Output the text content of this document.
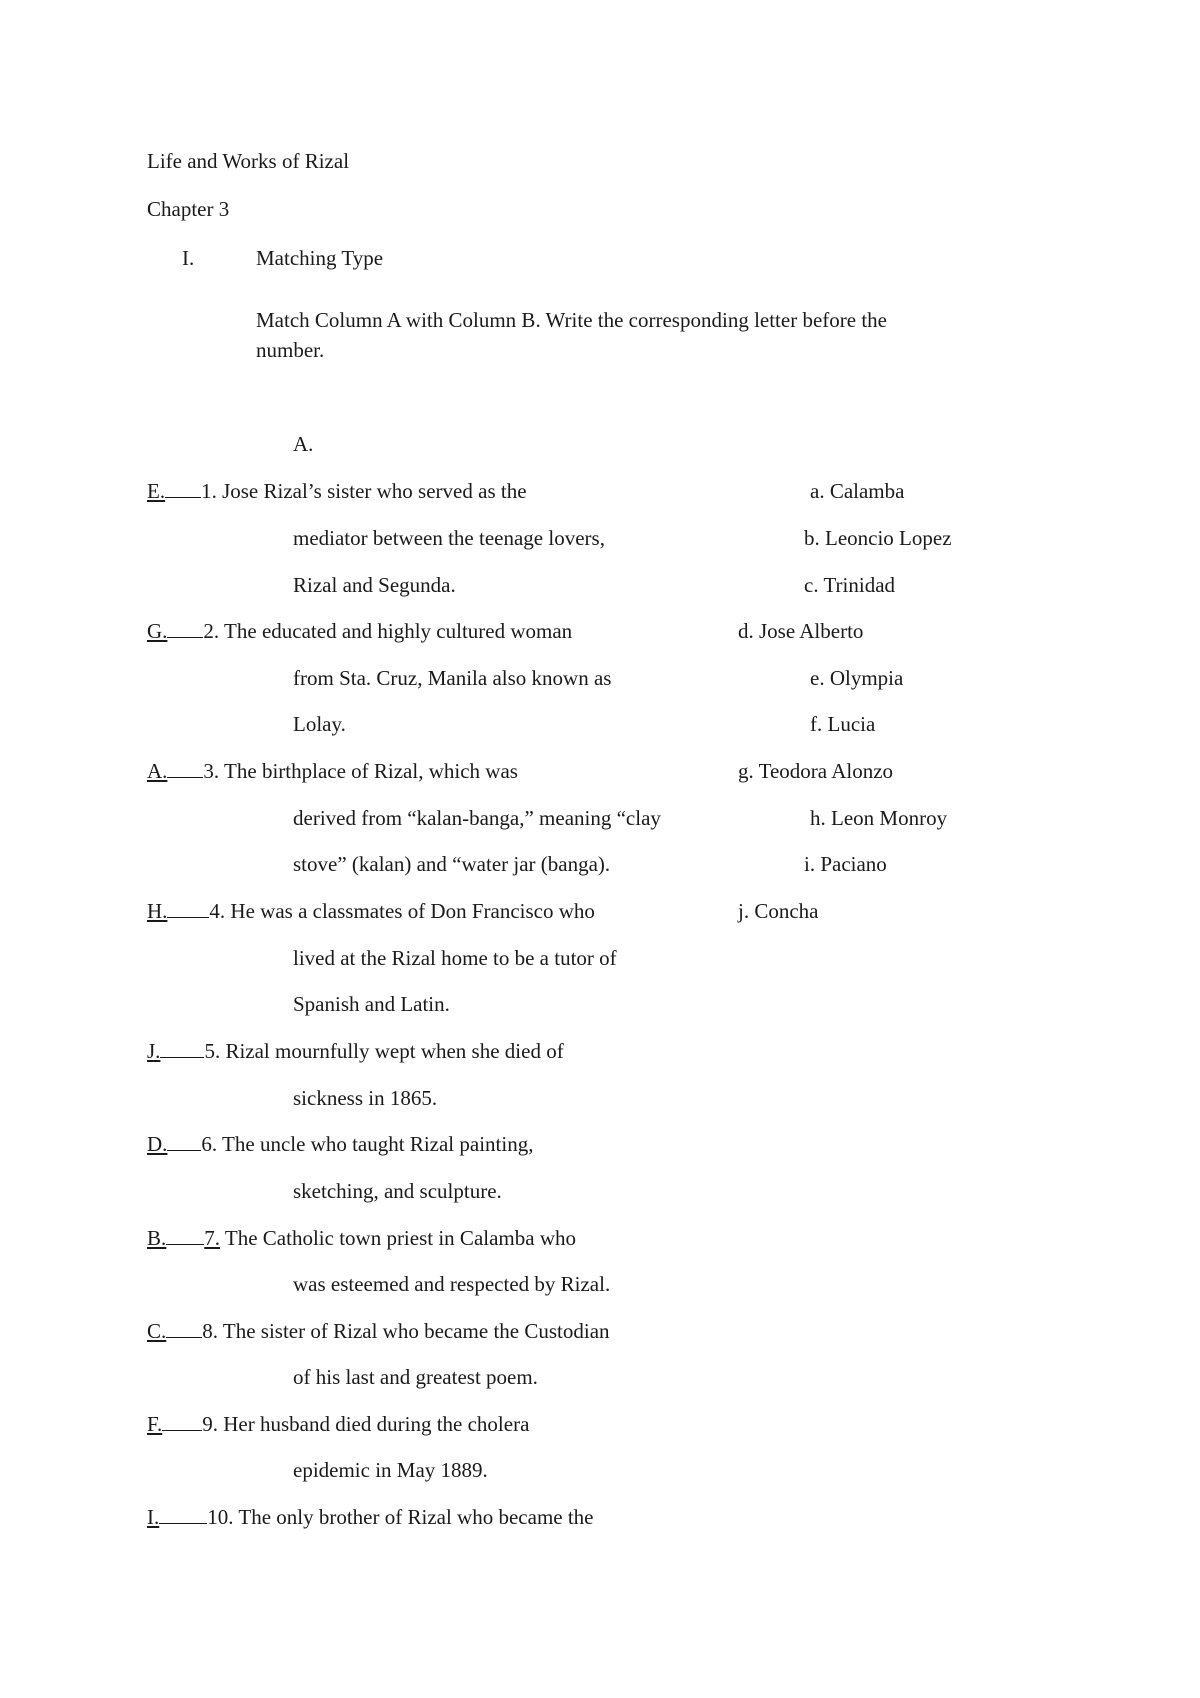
Life and Works of Rizal
Chapter 3
I.	Matching Type
Match Column A with Column B. Write the corresponding letter before the
number.
A.
E. 1. Jose Rizal’s sister who served as the
mediator between the teenage lovers,
Rizal and Segunda.
G. 2. The educated and highly cultured woman
from Sta. Cruz, Manila also known as
Lolay.
A. 3. The birthplace of Rizal, which was
derived from “kalan-banga,” meaning “clay
stove” (kalan) and “water jar (banga).
H. 4. He was a classmates of Don Francisco who
lived at the Rizal home to be a tutor of
Spanish and Latin.
J. 5. Rizal mournfully wept when she died of
sickness in 1865.
D. 6. The uncle who taught Rizal painting,
sketching, and sculpture.
B. 7. The Catholic town priest in Calamba who
was esteemed and respected by Rizal.
C. 8. The sister of Rizal who became the Custodian
of his last and greatest poem.
F. 9. Her husband died during the cholera
epidemic in May 1889.
I. 10. The only brother of Rizal who became the
a. Calamba
b. Leoncio Lopez
c. Trinidad
d. Jose Alberto
e. Olympia
f. Lucia
g. Teodora Alonzo
h. Leon Monroy
i. Paciano
j. Concha
